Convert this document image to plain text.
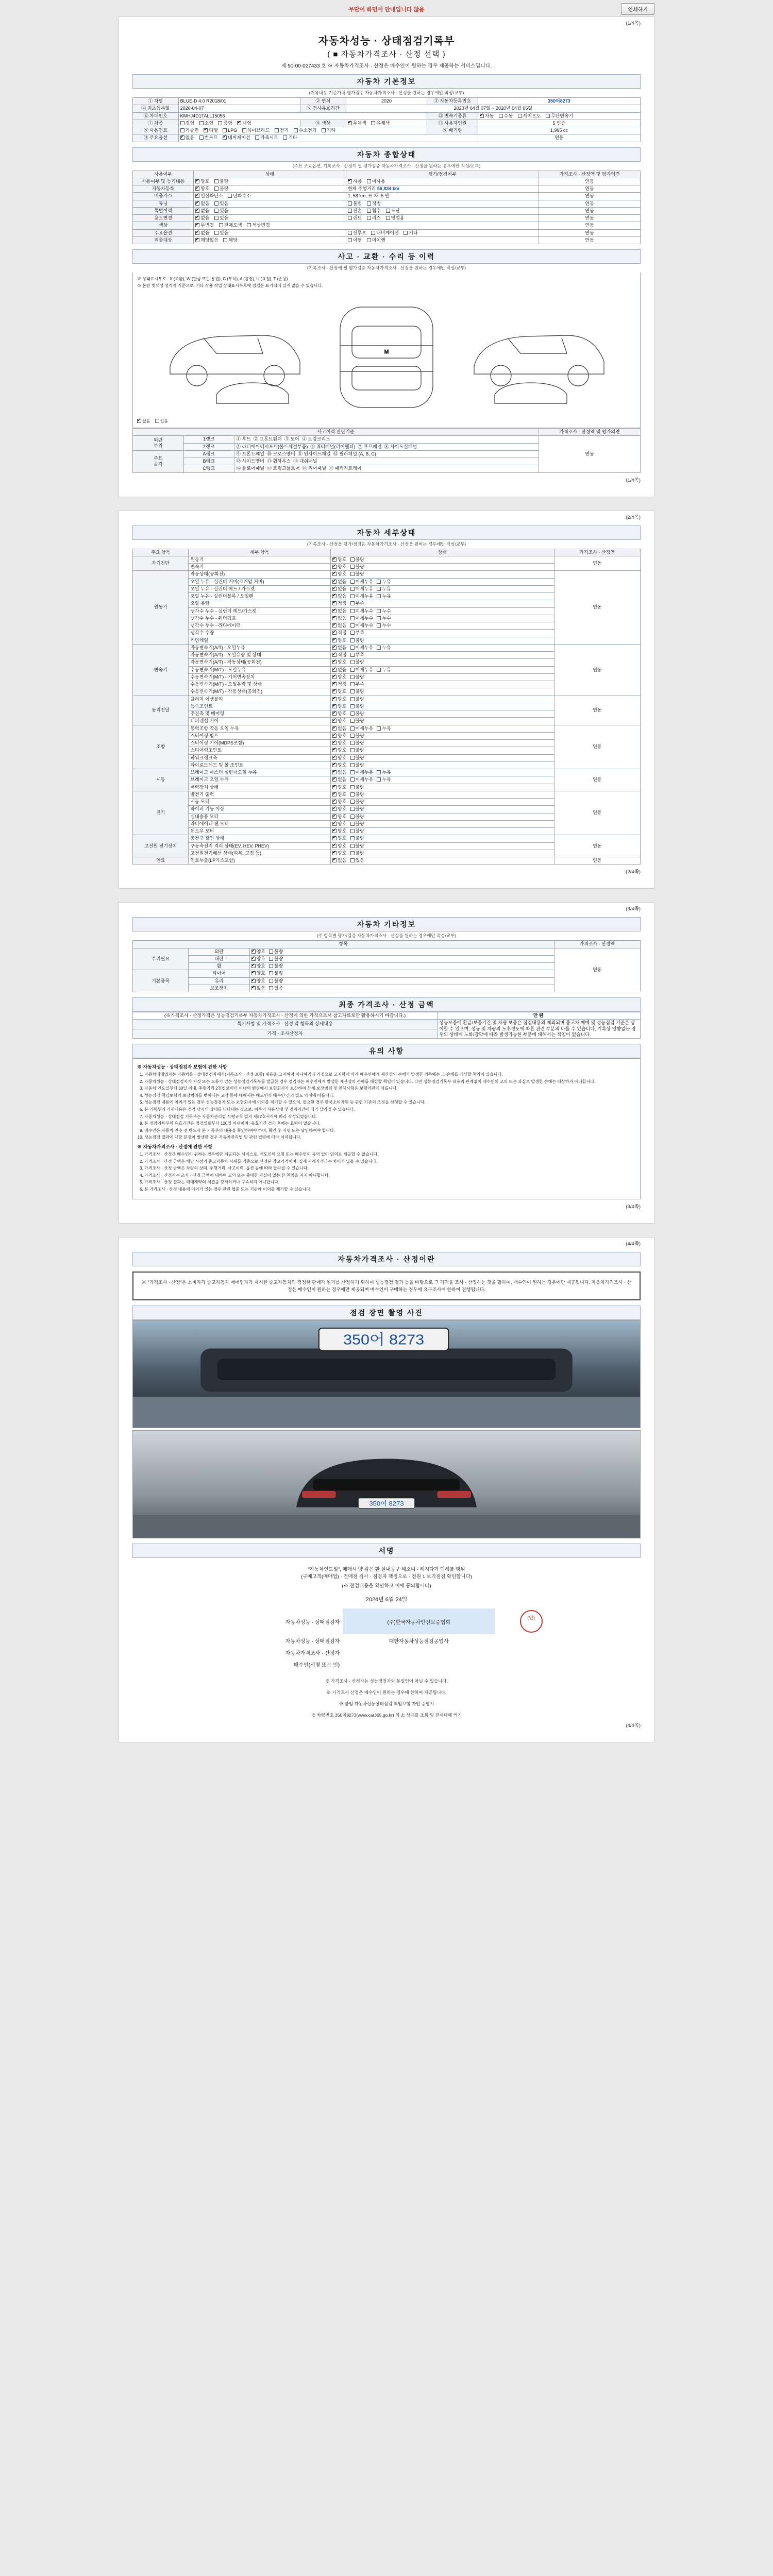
무단어 화면에 안내입니다 않음	인쇄하기
(1/4쪽)
자동차성능 · 상태점검기록부
( ■ 자동차가격조사 · 산정 선택 )
제 50-00-027433 호 ※ 자동차가격조사 · 산정은 매수인이 원하는 경우 제공하는 서비스입니다.
자동차 기본정보
(기록내용 기준가치 평가검증 자동차가격조사 · 산정을 원하는 경우에만 작성/교부)
① 차명	BLUE-D 4.0 R2018/01	② 연식	2020	③ 자동차등록번호	350어8273
④ 최초등록일	2020-04-07	⑤ 검사유효기간	2020년 04월 07일 ~ 2020년 04월 06일		
⑥ 차대번호	KMHJ4D1TALL15056			⑫ 변속기종류	✔자동 수동 세미오토 무단변속기
⑦ 차종	경형 소형 중형 ✔ 대형	⑪ 색상	✔무채색 유채색	⑬ 사용자인원	5 인승
⑧ 사용연료	가솔린 ✔ 디젤 LPG 하이브리드 전기 수소전기 기타			⑨ 배기량	1,995 cc
⑭ 주요옵션	✔없음 썬루프 ✔ 네비게이션 가죽시트 기타				연동
자동차 종합상태
(주요 조료옵션, 기록조사 · 산정이 필 평가검증 자동차가격조사 · 산정을 원하는 경우에만 작성/교부)
사용여부	상태	평가/점검여부	가격조사 · 산정액 및 평가의견
사용여부 및 등기내용	✔양호 불량	✔사용 미사용	연동
자동차등록	✔양호 불량	현재 주행거리 56,834 km	연동
배출가스	✔일산화탄소 탄화수소	1, 58 km, 표 차, 5 만	연동
튜닝	✔없음 있음	불법 적법	연동
특별이력	✔없음 있음	전손 침수 도난	연동
용도변경	✔없음 있음	렌트 리스 영업용	연동
색상	✔무변경 전체도색 색상변경		연동
주요옵션	✔없음 있음	선루프 내비게이션 기타	연동
리콜대상	✔해당없음 해당	이행 미이행	연동
사고 · 교환 · 수리 등 이력
(기록조사 · 산정에 필 평가검증 자동차가격조사 · 산정을 원하는 경우에만 작성/교부)
※ 상태표시부호 : X (교환), W (판금 또는 용접), C (부식), A (흠집), U (요철), T (손상)
※ 본란 빛체성 성격적 기준으로, 기타 작용 작업 상태표시부호에 점검은 표기되어 있지 않을 수 있습니다.
M
✔없음 있음
사고이력 판단기준			가격조사 · 산정액 및 평가의견
외판
부위	1랭크	① 후드  ② 프론트휀더  ③ 도어  ④ 트렁크리드	연동
	2랭크	⑤ 라디에이터서포트(볼트체결부품)  ⑥ 쿼터패널(리어휀더)  ⑦ 루프패널  ⑧ 사이드실패널	
주요
골격	A랭크	⑨ 프론트패널  ⑩ 크로스멤버  ⑪ 인사이드패널  ⑭ 필러패널 (A, B, C)	
	B랭크	⑫ 사이드멤버  ⑬ 휠하우스  ⑮ 대쉬패널	
	C랭크	⑯ 플로어패널  ⑰ 트렁크플로어  ⑱ 리어패널  ⑲ 패키지트레이	
(1/4쪽)
(2/4쪽)
자동차 세부상태
(기록조사 · 산정을 평가/점검은 자동차가격조사 · 산정을 원하는 경우에만 작성/교부)
주요 항목	세부 항목	상태	가격조사 · 산정액
자기진단	원동기	✔양호 불량	연동
	변속기	✔양호 불량
원동기	작동상태(공회전)	✔양호 불량	연동
	오일 누유 - 실린더 커버(로커암 커버)	✔없음 미세누유 누유
	오일 누유 - 실린더 헤드 / 가스켓	✔없음 미세누유 누유
	오일 누유 - 실린더블록 / 오일팬	✔없음 미세누유 누유
	오일 유량	✔적정 부족
	냉각수 누수 - 실린더 헤드/가스켓	✔없음 미세누수 누수
	냉각수 누수 - 워터펌프	✔없음 미세누수 누수
	냉각수 누수 - 라디에이터	✔없음 미세누수 누수
	냉각수 수량	✔적정 부족
	커먼레일	✔양호 불량
변속기	자동변속기(A/T) - 오일누유	✔없음 미세누유 누유	연동
	자동변속기(A/T) - 오일유량 및 상태	✔적정 부족
	자동변속기(A/T) - 작동상태(공회전)	✔양호 불량
	수동변속기(M/T) - 오일누유	✔없음 미세누유 누유
	수동변속기(M/T) - 기어변속장치	✔양호 불량
	수동변속기(M/T) - 오일유량 및 상태	✔적정 부족
	수동변속기(M/T) - 작동상태(공회전)	✔양호 불량
동력전달	클러치 어셈블리	✔양호 불량	연동
	등속조인트	✔양호 불량
	추진축 및 베어링	✔양호 불량
	디퍼렌셜 기어	✔양호 불량
조향	동력조향 작동 오일 누유	✔없음 미세누유 누유	연동
	스티어링 펌프	✔양호 불량
	스티어링 기어(MDPS포함)	✔양호 불량
	스티어링조인트	✔양호 불량
	파워크랭크축	✔양호 불량
	타이로드엔드 및 볼 조인트	✔양호 불량
제동	브레이크 마스터 실린더오일 누유	✔없음 미세누유 누유	연동
	브레이크 오일 누유	✔없음 미세누유 누유
	배력장치 상태	✔양호 불량
전기	발전기 출력	✔양호 불량	연동
	시동 모터	✔양호 불량
	와이퍼 기능 이상	✔양호 불량
	실내송풍 모터	✔양호 불량
	라디에이터 팬 모터	✔양호 불량
	윈도우 모터	✔양호 불량
고전원 전기장치	충전구 절연 상태	✔양호 불량	연동
	구동축전지 격리 상태(EV, HEV, PHEV)	✔양호 불량
	고전원전기배선 상태(피복, 고정 등)	✔양호 불량
연료	연료누출(LP가스포함)	✔없음 있음	연동
(2/4쪽)
(3/4쪽)
자동차 기타정보
(주 항목별 평가/검증 자동차가격조사 · 산정을 원하는 경우에만 작성/교부)
항목			가격조사 · 산정액
수리필요	외판	✔양호 불량	연동
	내판	✔양호 불량
	휠	✔양호 불량
기본품목	타이어	✔양호 불량
	유리	✔양호 불량
	보조장치	✔없음 있음
최종 가격조사 · 산정 금액
(※가격조사 · 산정가격은 성능점검기록부 자동차가격조사 · 산정에 의한 가격으로서 참고자료로만 활용하시기 바랍니다.)	만원
특기사항 및 가격조사 · 산정 각 항목의 상세내용	성능보증에 환급/보증기간 및 차량 보증은 점검내용의 제외되며 중고차 매매 및 성능점검 기준은 상이할 수 있으며, 성능 및 차량의 노후정도에 따른 관련 부분의 다를 수 있습니다, 기록상 영향없는 경우의 상태에 노화/강약에 따라 발생가능한 부분에 대해서는 책임이 없습니다.
가격 · 조사산정자	
유의 사항
※ 자동차성능 · 상태점검자 보험에 관한 사항
1. 자동차매매업자는 자동차를 · 상태점검자에서(기록조사 · 산정 포함) 내용을 고지하지 아니하거나 거짓으로 고지함에 따라 매수인에게 재산상의 손해가 발생한 경우에는 그 손해를 배상할 책임이 있습니다.
2. 자동차성능 · 상태점검자가 거짓 또는 오류가 있는 성능점검기록부를 발급한 경우 점검자는 매수인에게 발생한 재산상의 손해를 배상할 책임이 있습니다. 다만 성능점검기록부 내용과 관계없이 매수인의 고의 또는 과실로 발생한 손해는 배상하지 아니합니다.
3. 자동차 인도일부터 30일 이내, 주행거리 2천킬로미터 이내의 범위에서 보험회사가 보상하며 상세 보장범위 및 면책사항은 보험약관에 따릅니다.
4. 성능점검 책임보험의 보장범위를 벗어나는 고장 등에 대해서는 매도인과 매수인 간의 별도 약정에 따릅니다.
5. 성능점검 내용에 이의가 있는 경우 성능점검자 또는 보험회사에 이의를 제기할 수 있으며, 필요한 경우 한국소비자원 등 관련 기관의 조정을 신청할 수 있습니다.
6. 본 기록부의 기재내용은 점검 당시의 상태를 나타내는 것으로, 이후의 사용상태 및 경과기간에 따라 달라질 수 있습니다.
7. 자동차성능 · 상태점검 기록부는 자동차관리법 시행규칙 별지 제82호서식에 따라 작성되었습니다.
8. 본 점검기록부의 유효기간은 점검일로부터 120일 이내이며, 유효기간 경과 후에는 효력이 없습니다.
9. 매수인은 자동차 인수 전 반드시 본 기록부의 내용을 확인하여야 하며, 확인 후 서명 또는 날인하여야 합니다.
10. 성능점검 결과에 대한 분쟁이 발생한 경우 자동차관리법 및 관련 법령에 따라 처리됩니다.
※ 자동차가격조사 · 산정에 관한 사항
1. 가격조사 · 산정은 매수인이 원하는 경우에만 제공되는 서비스로, 매도인의 요청 또는 매수인의 동의 없이 임의로 제공할 수 없습니다.
2. 가격조사 · 산정 금액은 해당 시점의 중고자동차 시세를 기준으로 산정된 참고가격이며, 실제 거래가격과는 차이가 있을 수 있습니다.
3. 가격조사 · 산정 금액은 차량의 상태, 주행거리, 사고이력, 옵션 등에 따라 달라질 수 있습니다.
4. 가격조사 · 산정자는 조사 · 산정 금액에 대하여 고의 또는 중대한 과실이 없는 한 책임을 지지 아니합니다.
5. 가격조사 · 산정 결과는 매매계약의 체결을 강제하거나 구속하지 아니합니다.
6. 본 가격조사 · 산정 내용에 이의가 있는 경우 관련 협회 또는 기관에 이의를 제기할 수 있습니다.
(3/4쪽)
(4/4쪽)
자동차가격조사 · 산정이란
※ "가격조사 · 산정"은 소비자가 중고자동차 매매업자가 제시한 중고자동차의 적정한 판매가 원가를 산정하기 위하여 성능점검 결과 등을 바탕으로 그 가격을 조사 · 산정하는 것을 말하며, 매수인이 원하는 경우에만 제공됩니다. 자동차가격조사 · 산정은 매수인이 원하는 경우에만 제공되며 매수인이 구매하는 경우에 요구조사에 한하여 진행됩니다.
점검 장면 촬영 사진
350어 8273
350어 8273
서명
"자동차인도일", 매매시 양 검은 환 실내공구 해소니 · 해시다가 덕해를 행위
(구매고객(매매업) · 전매점 검사 · 점검자 책정으로 · 전원 1 보기점검 확인합니다)
(※ 점검내용을 확인하고 이에 동의합니다)
2024년 6월 24일
자동차성능 · 상태점검자	(주)한국자동차안전보증협회	(인)
자동차성능 · 상태점검자	대한자동차성능점검공업사	
자동차가격조사 · 산정자		
매수인(서명 또는 인)		
※ 가격조사 · 산정자는 성능점검자와 동일인이 아닐 수 있습니다.
※ 가격조사 산정은 매수인이 원하는 경우에 한하여 제공됩니다.
※ 붙임 자동차성능상태점검 책임보험 가입 증명서
※ 차량번호 350어8273(www.car365.go.kr) 의 소 상태를 조회 및 전세대해 먹기
(4/4쪽)
